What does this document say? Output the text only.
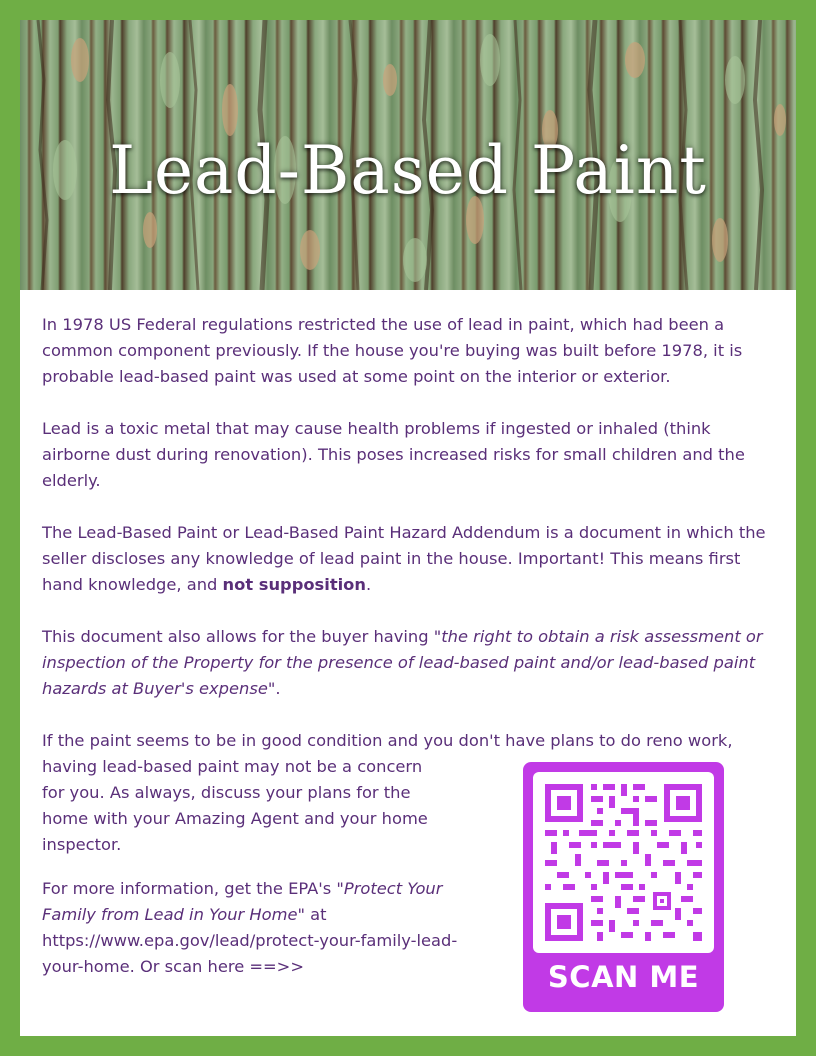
Lead-Based Paint

In 1978 US Federal regulations restricted the use of lead in paint, which had been a common component previously. If the house you're buying was built before 1978, it is probable lead-based paint was used at some point on the interior or exterior.

Lead is a toxic metal that may cause health problems if ingested or inhaled (think airborne dust during renovation). This poses increased risks for small children and the elderly.

The Lead-Based Paint or Lead-Based Paint Hazard Addendum is a document in which the seller discloses any knowledge of lead paint in the house. Important! This means first hand knowledge, and not supposition.

This document also allows for the buyer having "the right to obtain a risk assessment or inspection of the Property for the presence of lead-based paint and/or lead-based paint hazards at Buyer's expense".

If the paint seems to be in good condition and you don't have plans to do reno work,

having lead-based paint may not be a concern for you. As always, discuss your plans for the home with your Amazing Agent and your home inspector.

For more information, get the EPA's "Protect Your Family from Lead in Your Home" at https://www.epa.gov/lead/protect-your-family-lead-your-home. Or scan here ==>>	SCAN ME
